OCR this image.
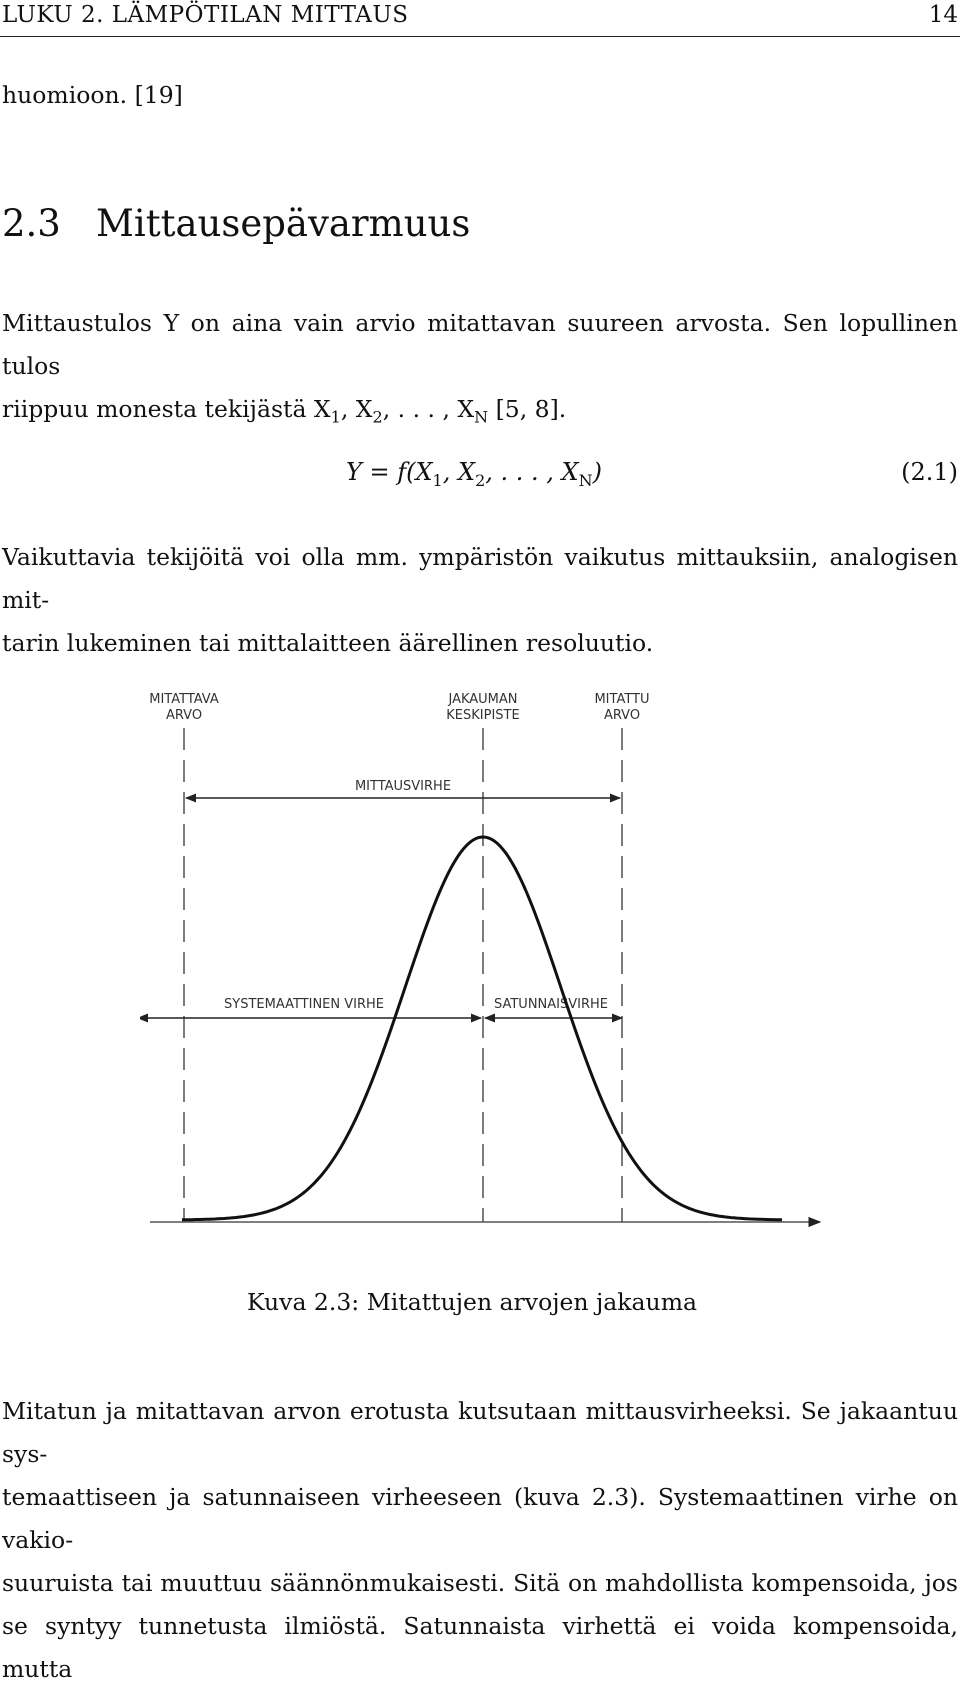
LUKU 2. LÄMPÖTILAN MITTAUS	14
huomioon. [19]
2.3 Mittausepävarmuus
Mittaustulos Y on aina vain arvio mitattavan suureen arvosta. Sen lopullinen tulos
riippuu monesta tekijästä $X_1$, $X_2$, . . . , $X_N$ [5, 8].
$Y = f(X_1$, $X_2$, . . . , $X_N$)	(2.1)
Vaikuttavia tekijöitä voi olla mm. ympäristön vaikutus mittauksiin, analogisen mit-
tarin lukeminen tai mittalaitteen äärellinen resoluutio.
MITATTAVA
ARVO
JAKAUMAN
KESKIPISTE
MITATTU
ARVO
MITTAUSVIRHE
SYSTEMAATTINEN VIRHE	SATUNNAISVIRHE
Kuva 2.3: Mitattujen arvojen jakauma
Mitatun ja mitattavan arvon erotusta kutsutaan mittausvirheeksi. Se jakaantuu sys-
temaattiseen ja satunnaiseen virheeseen (kuva 2.3). Systemaattinen virhe on vakio-
suuruista tai muuttuu säännönmukaisesti. Sitä on mahdollista kompensoida, jos
se syntyy tunnetusta ilmiöstä. Satunnaista virhettä ei voida kompensoida, mutta
